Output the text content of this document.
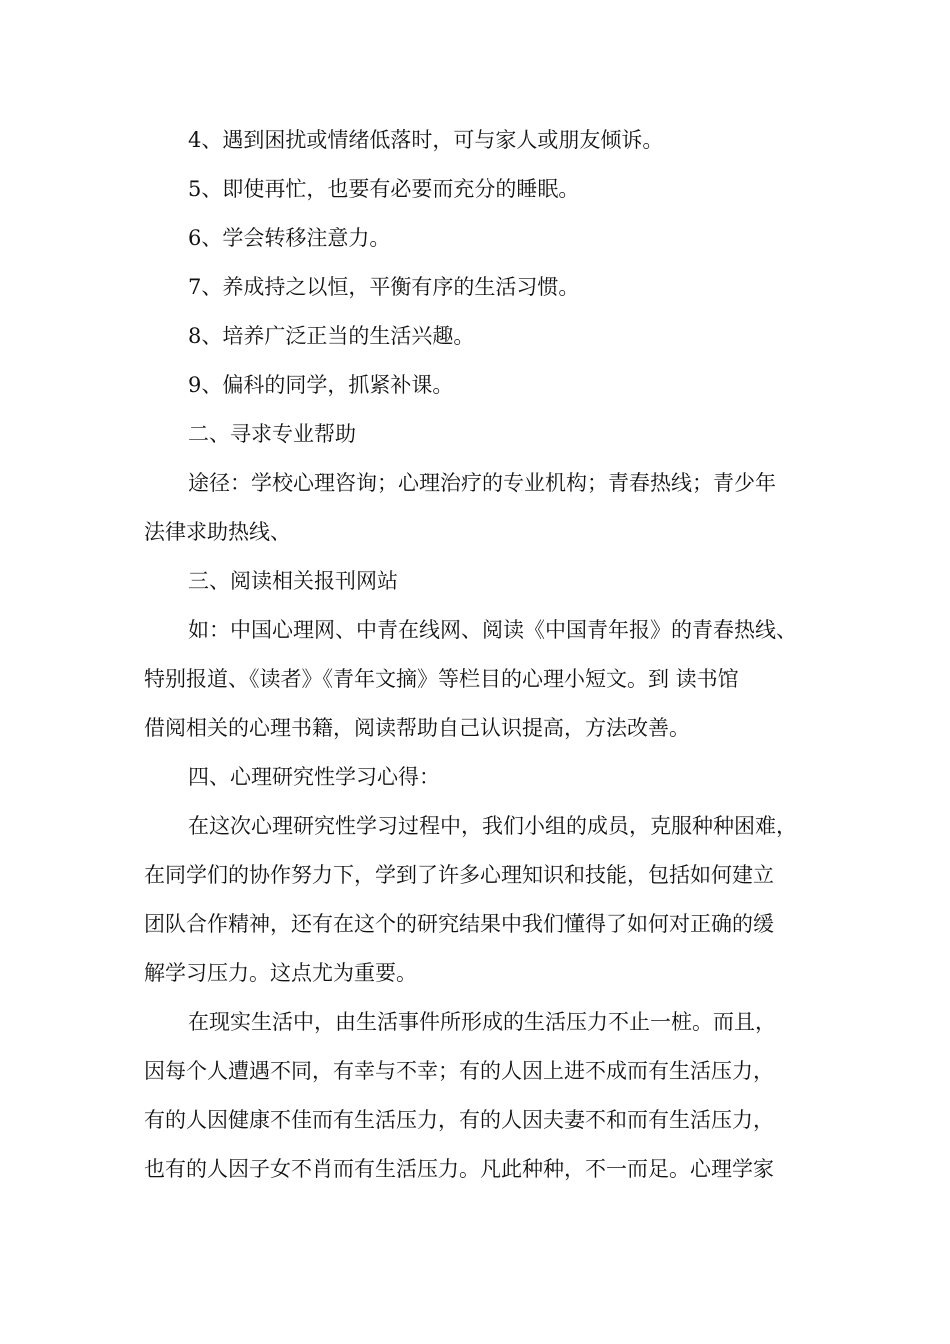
4、遇到困扰或情绪低落时，可与家人或朋友倾诉。

5、即使再忙，也要有必要而充分的睡眠。

6、学会转移注意力。

7、养成持之以恒，平衡有序的生活习惯。

8、培养广泛正当的生活兴趣。

9、偏科的同学，抓紧补课。

二、寻求专业帮助

途径：学校心理咨询；心理治疗的专业机构；青春热线；青少年
法律求助热线、

三、阅读相关报刊网站

如：中国心理网、中青在线网、阅读《中国青年报》的青春热线、
特别报道、《读者》《青年文摘》等栏目的心理小短文。到 读书馆
借阅相关的心理书籍，阅读帮助自己认识提高，方法改善。

四、心理研究性学习心得：

在这次心理研究性学习过程中，我们小组的成员，克服种种困难，
在同学们的协作努力下，学到了许多心理知识和技能，包括如何建立
团队合作精神，还有在这个的研究结果中我们懂得了如何对正确的缓
解学习压力。这点尤为重要。

在现实生活中，由生活事件所形成的生活压力不止一桩。而且，
因每个人遭遇不同，有幸与不幸；有的人因上进不成而有生活压力，
有的人因健康不佳而有生活压力，有的人因夫妻不和而有生活压力，
也有的人因子女不肖而有生活压力。凡此种种，不一而足。心理学家
